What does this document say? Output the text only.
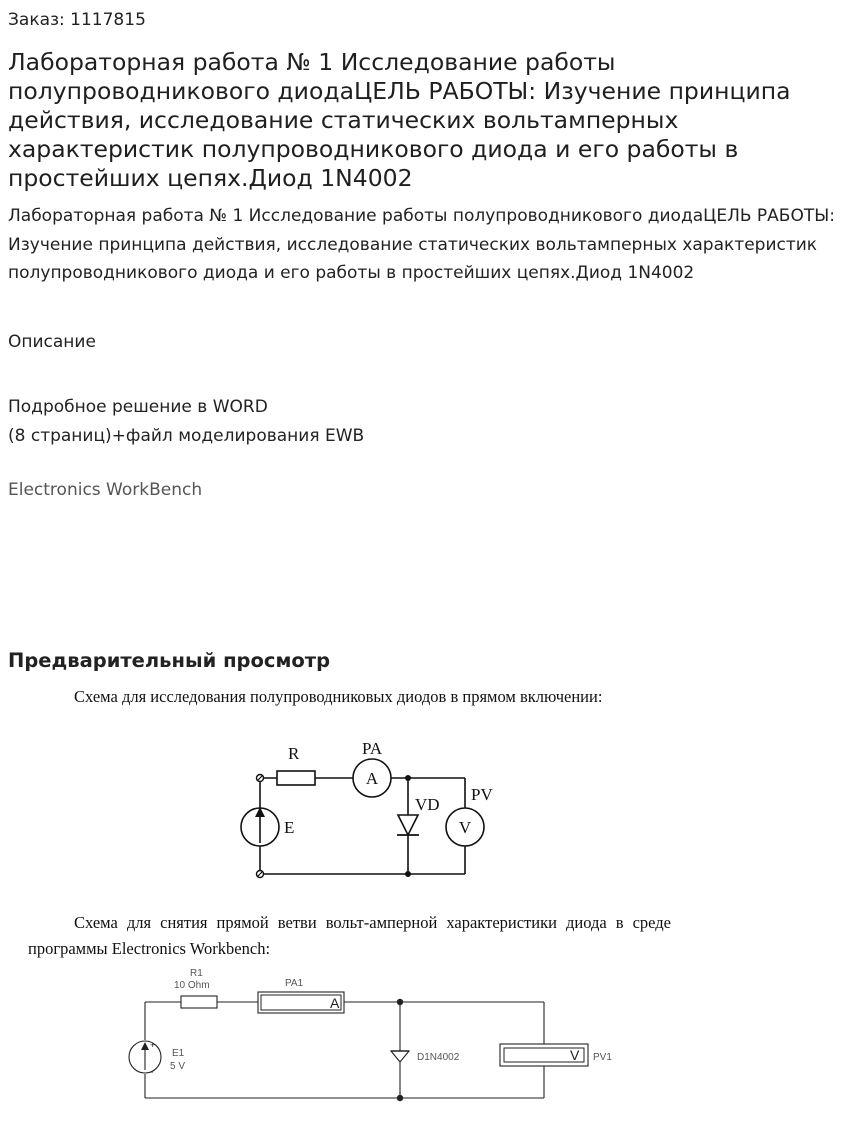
Заказ: 1117815
Лабораторная работа № 1 Исследование работы полупроводникового диодаЦЕЛЬ РАБОТЫ: Изучение принципа действия, исследование статических вольтамперных характеристик полупроводникового диода и его работы в простейших цепях.Диод 1N4002
Лабораторная работа № 1 Исследование работы полупроводникового диодаЦЕЛЬ РАБОТЫ: Изучение принципа действия, исследование статических вольтамперных характеристик полупроводникового диода и его работы в простейших цепях.Диод 1N4002
Описание
Подробное решение в WORD
(8 страниц)+файл моделирования EWB
Electronics WorkBench
Предварительный просмотр
Схема для исследования полупроводниковых диодов в прямом включении:
R	PA
A
VD
PV
V
E
Схема для снятия прямой ветви вольт-амперной характеристики диода в среде программы Electronics Workbench:
A
+
-
V
R1
10 Ohm	PA1
E1
5 V
D1N4002	PV1
